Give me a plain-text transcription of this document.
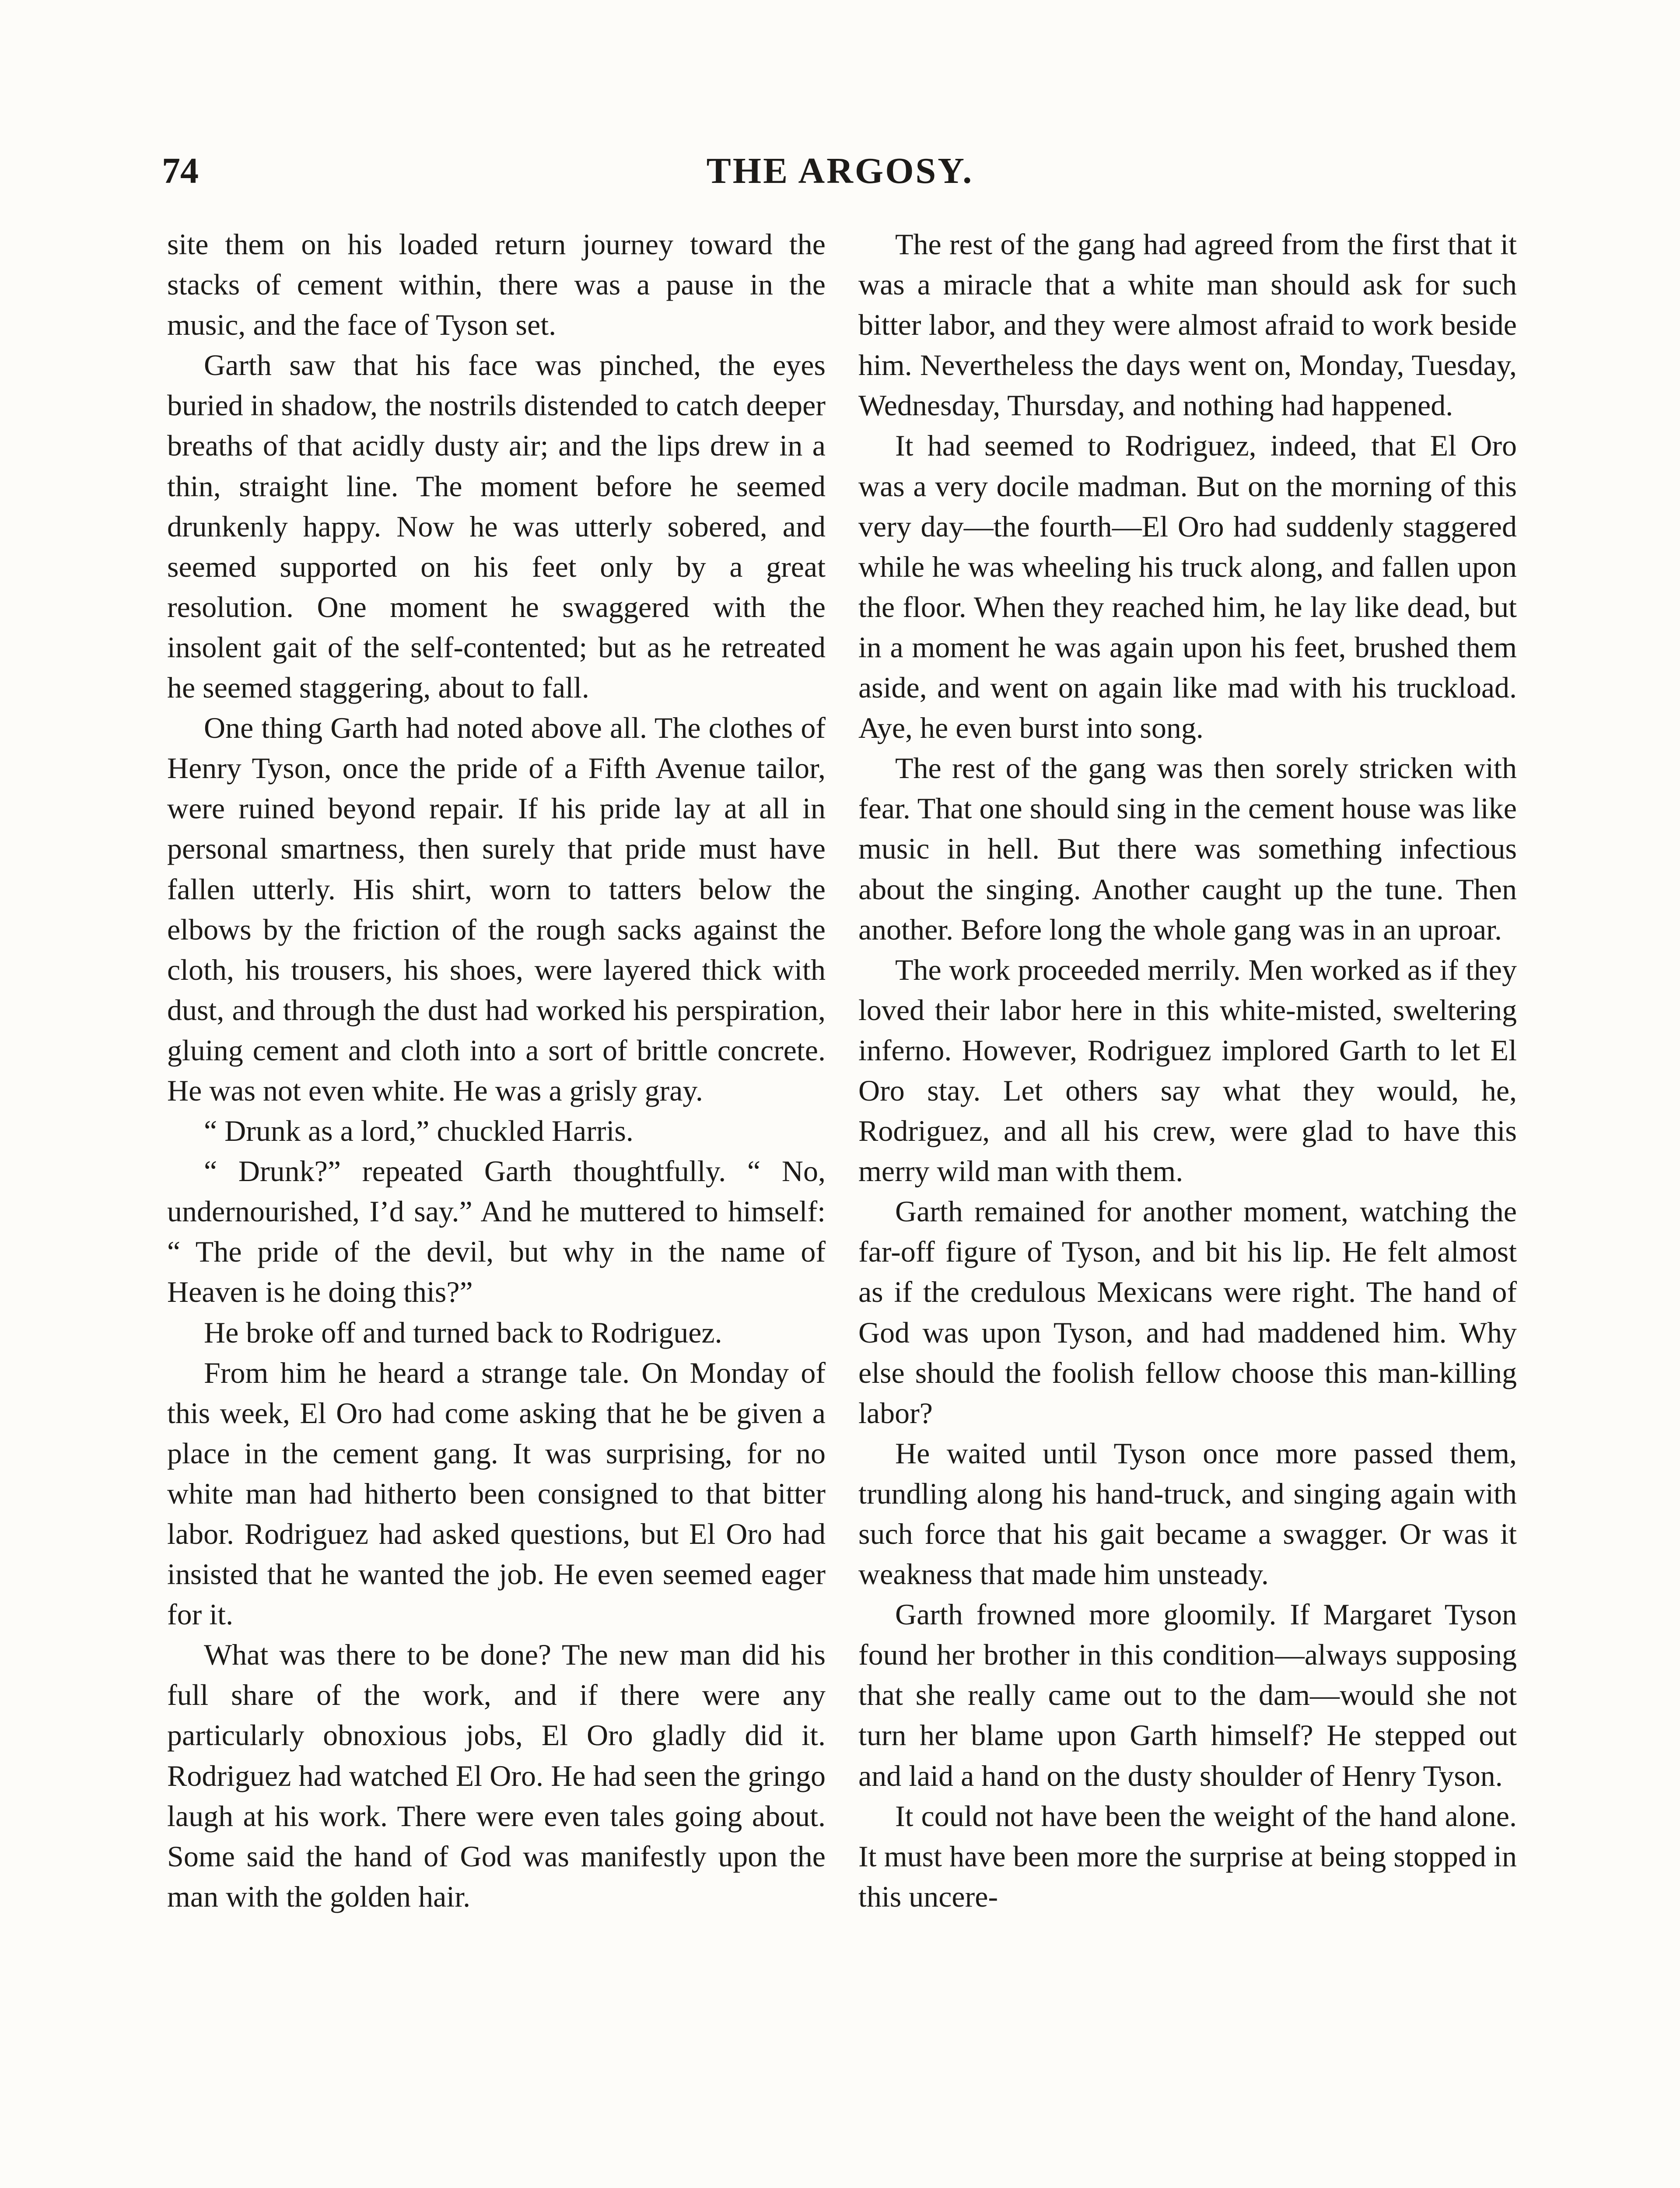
74	THE ARGOSY.

site them on his loaded return journey toward the stacks of cement within, there was a pause in the music, and the face of Tyson set.

Garth saw that his face was pinched, the eyes buried in shadow, the nostrils distended to catch deeper breaths of that acidly dusty air; and the lips drew in a thin, straight line. The moment before he seemed drunkenly happy. Now he was utterly sobered, and seemed supported on his feet only by a great resolution. One moment he swaggered with the insolent gait of the self-contented; but as he retreated he seemed staggering, about to fall.

One thing Garth had noted above all. The clothes of Henry Tyson, once the pride of a Fifth Avenue tailor, were ruined beyond repair. If his pride lay at all in personal smartness, then surely that pride must have fallen utterly. His shirt, worn to tatters below the elbows by the friction of the rough sacks against the cloth, his trousers, his shoes, were layered thick with dust, and through the dust had worked his perspiration, gluing cement and cloth into a sort of brittle concrete. He was not even white. He was a grisly gray.

“ Drunk as a lord,” chuckled Harris.

“ Drunk?” repeated Garth thoughtfully. “ No, undernourished, I’d say.” And he muttered to himself: “ The pride of the devil, but why in the name of Heaven is he doing this?”

He broke off and turned back to Rodriguez.

From him he heard a strange tale. On Monday of this week, El Oro had come asking that he be given a place in the cement gang. It was surprising, for no white man had hitherto been consigned to that bitter labor. Rodriguez had asked questions, but El Oro had insisted that he wanted the job. He even seemed eager for it.

What was there to be done? The new man did his full share of the work, and if there were any particularly obnoxious jobs, El Oro gladly did it. Rodriguez had watched El Oro. He had seen the gringo laugh at his work. There were even tales going about. Some said the hand of God was manifestly upon the man with the golden hair.

The rest of the gang had agreed from the first that it was a miracle that a white man should ask for such bitter labor, and they were almost afraid to work beside him. Nevertheless the days went on, Monday, Tuesday, Wednesday, Thursday, and nothing had happened.

It had seemed to Rodriguez, indeed, that El Oro was a very docile madman. But on the morning of this very day—the fourth—El Oro had suddenly staggered while he was wheeling his truck along, and fallen upon the floor. When they reached him, he lay like dead, but in a moment he was again upon his feet, brushed them aside, and went on again like mad with his truckload. Aye, he even burst into song.

The rest of the gang was then sorely stricken with fear. That one should sing in the cement house was like music in hell. But there was something infectious about the singing. Another caught up the tune. Then another. Before long the whole gang was in an uproar.

The work proceeded merrily. Men worked as if they loved their labor here in this white-misted, sweltering inferno. However, Rodriguez implored Garth to let El Oro stay. Let others say what they would, he, Rodriguez, and all his crew, were glad to have this merry wild man with them.

Garth remained for another moment, watching the far-off figure of Tyson, and bit his lip. He felt almost as if the credulous Mexicans were right. The hand of God was upon Tyson, and had maddened him. Why else should the foolish fellow choose this man-killing labor?

He waited until Tyson once more passed them, trundling along his hand-truck, and singing again with such force that his gait became a swagger. Or was it weakness that made him unsteady.

Garth frowned more gloomily. If Margaret Tyson found her brother in this condition—always supposing that she really came out to the dam—would she not turn her blame upon Garth himself? He stepped out and laid a hand on the dusty shoulder of Henry Tyson.

It could not have been the weight of the hand alone. It must have been more the surprise at being stopped in this uncere-
